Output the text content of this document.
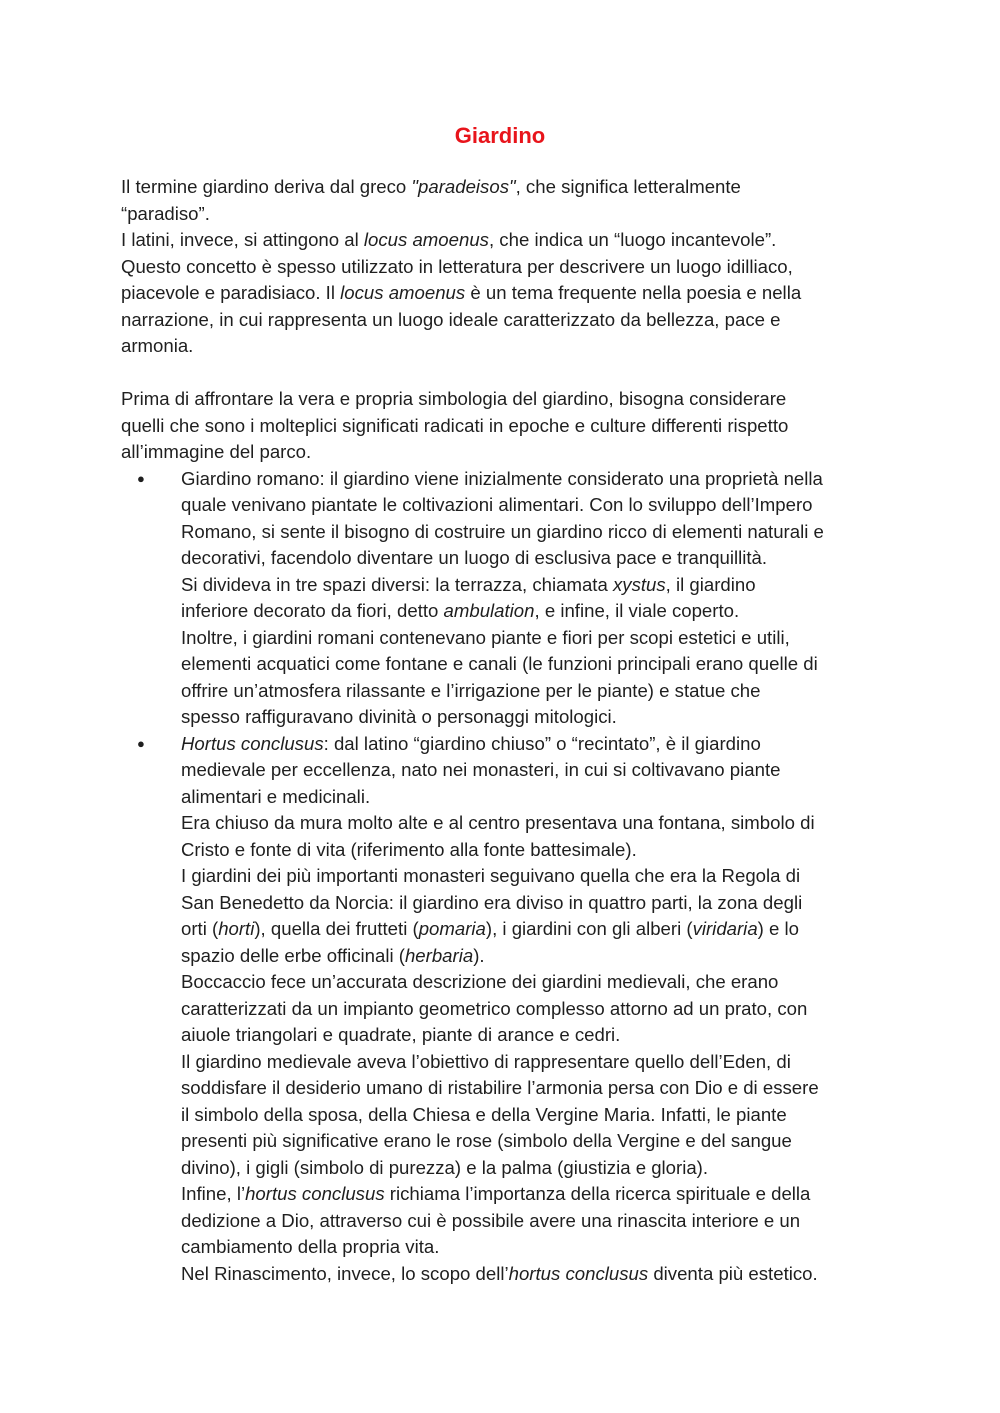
Giardino

Il termine giardino deriva dal greco "paradeisos", che significa letteralmente

“paradiso”.

I latini, invece, si attingono al locus amoenus, che indica un “luogo incantevole”.

Questo concetto è spesso utilizzato in letteratura per descrivere un luogo idilliaco,

piacevole e paradisiaco. Il locus amoenus è un tema frequente nella poesia e nella

narrazione, in cui rappresenta un luogo ideale caratterizzato da bellezza, pace e

armonia.

Prima di affrontare la vera e propria simbologia del giardino, bisogna considerare

quelli che sono i molteplici significati radicati in epoche e culture differenti rispetto

all’immagine del parco.

● Giardino romano: il giardino viene inizialmente considerato una proprietà nella

quale venivano piantate le coltivazioni alimentari. Con lo sviluppo dell’Impero

Romano, si sente il bisogno di costruire un giardino ricco di elementi naturali e

decorativi, facendolo diventare un luogo di esclusiva pace e tranquillità.

Si divideva in tre spazi diversi: la terrazza, chiamata xystus, il giardino

inferiore decorato da fiori, detto ambulation, e infine, il viale coperto.

Inoltre, i giardini romani contenevano piante e fiori per scopi estetici e utili,

elementi acquatici come fontane e canali (le funzioni principali erano quelle di

offrire un’atmosfera rilassante e l’irrigazione per le piante) e statue che

spesso raffiguravano divinità o personaggi mitologici.

● Hortus conclusus: dal latino “giardino chiuso” o “recintato”, è il giardino

medievale per eccellenza, nato nei monasteri, in cui si coltivavano piante

alimentari e medicinali.

Era chiuso da mura molto alte e al centro presentava una fontana, simbolo di

Cristo e fonte di vita (riferimento alla fonte battesimale).

I giardini dei più importanti monasteri seguivano quella che era la Regola di

San Benedetto da Norcia: il giardino era diviso in quattro parti, la zona degli

orti (horti), quella dei frutteti (pomaria), i giardini con gli alberi (viridaria) e lo

spazio delle erbe officinali (herbaria).

Boccaccio fece un’accurata descrizione dei giardini medievali, che erano

caratterizzati da un impianto geometrico complesso attorno ad un prato, con

aiuole triangolari e quadrate, piante di arance e cedri.

Il giardino medievale aveva l’obiettivo di rappresentare quello dell’Eden, di

soddisfare il desiderio umano di ristabilire l’armonia persa con Dio e di essere

il simbolo della sposa, della Chiesa e della Vergine Maria. Infatti, le piante

presenti più significative erano le rose (simbolo della Vergine e del sangue

divino), i gigli (simbolo di purezza) e la palma (giustizia e gloria).

Infine, l’hortus conclusus richiama l’importanza della ricerca spirituale e della

dedizione a Dio, attraverso cui è possibile avere una rinascita interiore e un

cambiamento della propria vita.

Nel Rinascimento, invece, lo scopo dell’hortus conclusus diventa più estetico.
